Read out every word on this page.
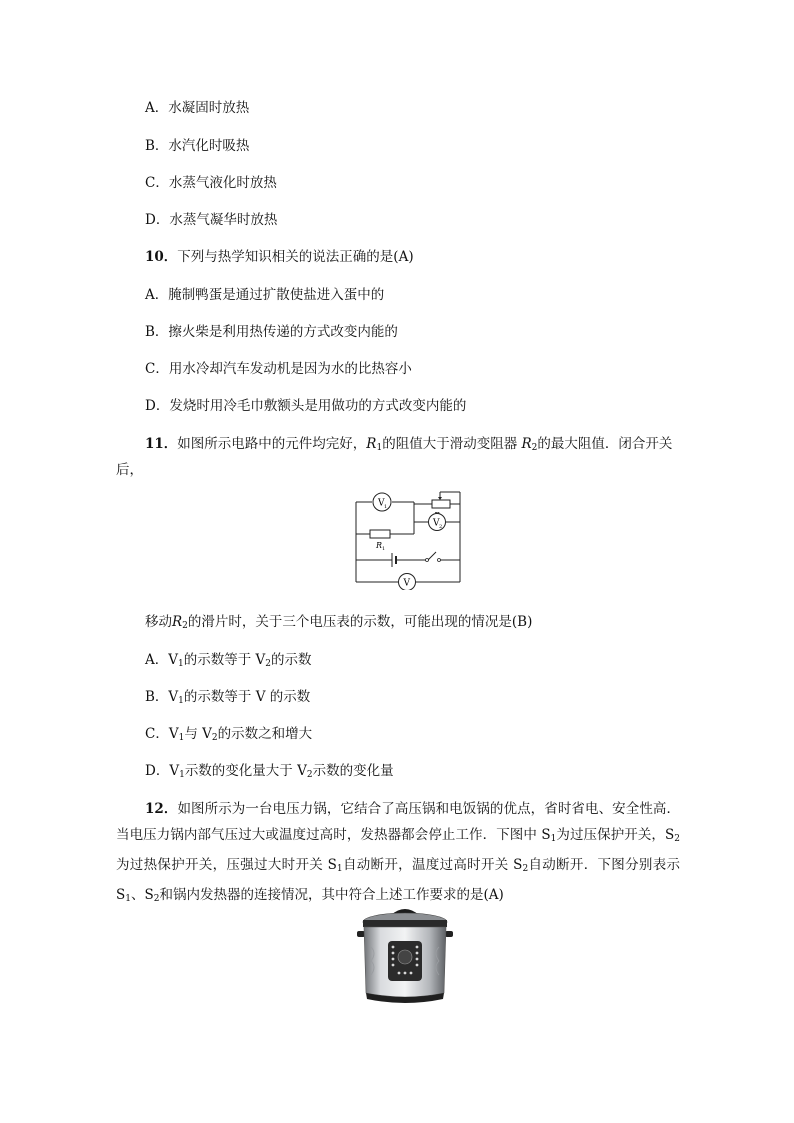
A．水凝固时放热
B．水汽化时吸热
C．水蒸气液化时放热
D．水蒸气凝华时放热
10．下列与热学知识相关的说法正确的是(A)
A．腌制鸭蛋是通过扩散使盐进入蛋中的
B．擦火柴是利用热传递的方式改变内能的
C．用水冷却汽车发动机是因为水的比热容小
D．发烧时用冷毛巾敷额头是用做功的方式改变内能的
11．如图所示电路中的元件均完好，$R_1$的阻值大于滑动变阻器 $R_2$的最大阻值．闭合开关
后，
V 1
V 2
R 1
V
移动$R_2$的滑片时，关于三个电压表的示数，可能出现的情况是(B)
A．$V_1$的示数等于 $V_2$的示数
B．$V_1$的示数等于 V 的示数
C．$V_1$与 $V_2$的示数之和增大
D．$V_1$示数的变化量大于 $V_2$示数的变化量
12．如图所示为一台电压力锅，它结合了高压锅和电饭锅的优点，省时省电、安全性高．当电压力锅内部气压过大或温度过高时，发热器都会停止工作．下图中 $S_1$为过压保护开关，$S_2$为过热保护开关，压强过大时开关 $S_1$自动断开，温度过高时开关 $S_2$自动断开．下图分别表示 $S_1$、$S_2$和锅内发热器的连接情况，其中符合上述工作要求的是(A)
